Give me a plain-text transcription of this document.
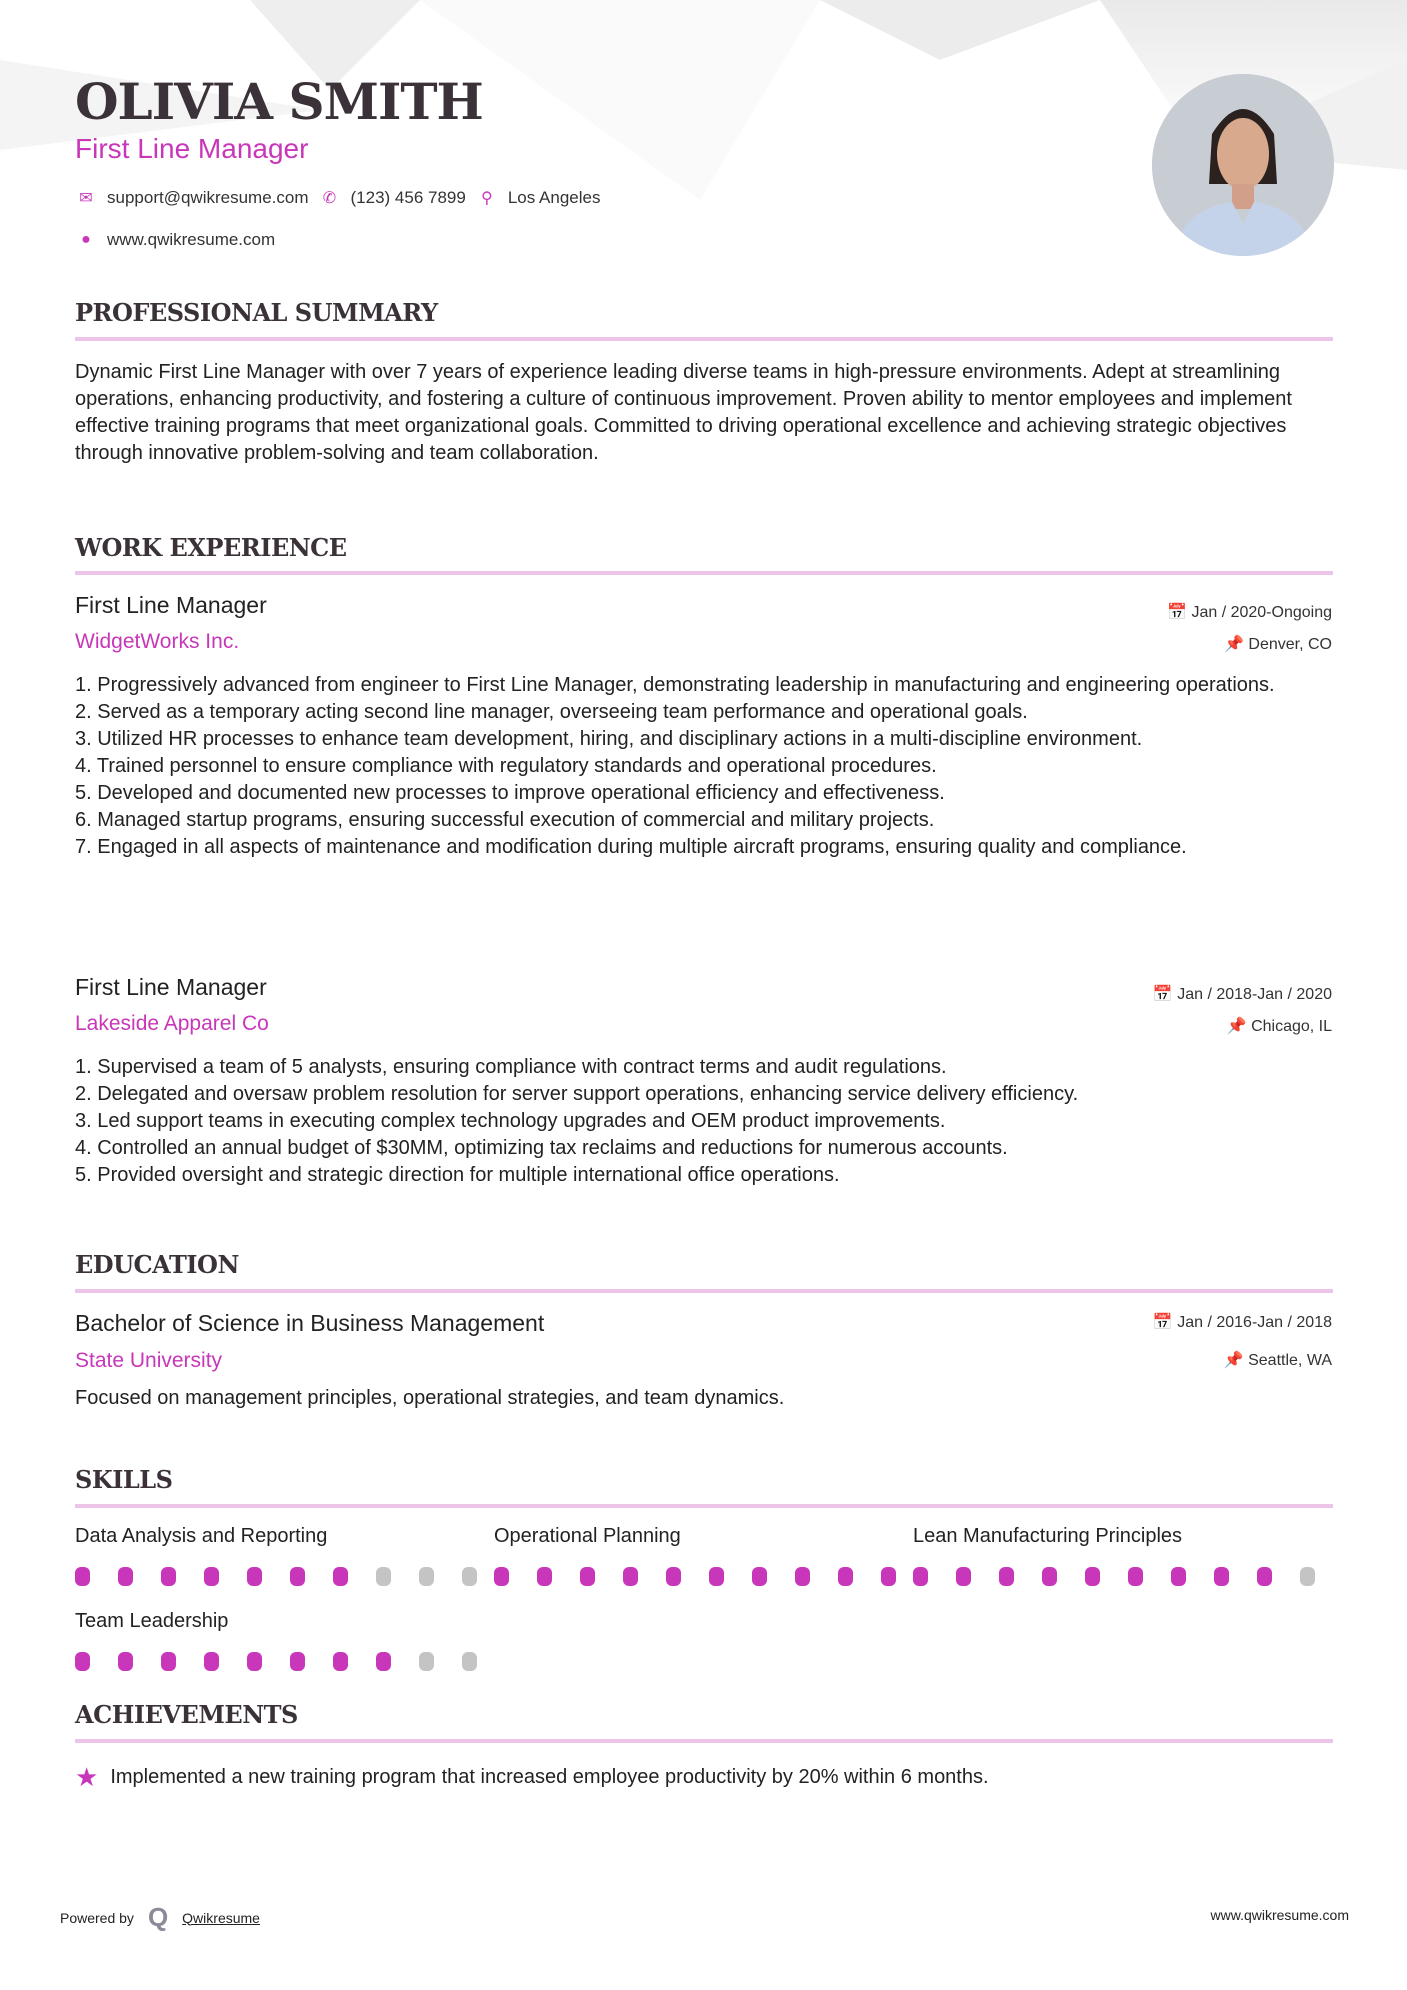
OLIVIA SMITH
First Line Manager
✉ support@qwikresume.com ✆ (123) 456 7899 ⚲ Los Angeles
● www.qwikresume.com
PROFESSIONAL SUMMARY
Dynamic First Line Manager with over 7 years of experience leading diverse teams in high-pressure environments. Adept at streamlining operations, enhancing productivity, and fostering a culture of continuous improvement. Proven ability to mentor employees and implement effective training programs that meet organizational goals. Committed to driving operational excellence and achieving strategic objectives through innovative problem-solving and team collaboration.
WORK EXPERIENCE
First Line Manager
WidgetWorks Inc.
📅 Jan / 2020-Ongoing
📌 Denver, CO
1. Progressively advanced from engineer to First Line Manager, demonstrating leadership in manufacturing and engineering operations.
2. Served as a temporary acting second line manager, overseeing team performance and operational goals.
3. Utilized HR processes to enhance team development, hiring, and disciplinary actions in a multi-discipline environment.
4. Trained personnel to ensure compliance with regulatory standards and operational procedures.
5. Developed and documented new processes to improve operational efficiency and effectiveness.
6. Managed startup programs, ensuring successful execution of commercial and military projects.
7. Engaged in all aspects of maintenance and modification during multiple aircraft programs, ensuring quality and compliance.
First Line Manager
Lakeside Apparel Co
📅 Jan / 2018-Jan / 2020
📌 Chicago, IL
1. Supervised a team of 5 analysts, ensuring compliance with contract terms and audit regulations.
2. Delegated and oversaw problem resolution for server support operations, enhancing service delivery efficiency.
3. Led support teams in executing complex technology upgrades and OEM product improvements.
4. Controlled an annual budget of $30MM, optimizing tax reclaims and reductions for numerous accounts.
5. Provided oversight and strategic direction for multiple international office operations.
EDUCATION
Bachelor of Science in Business Management
State University
📅 Jan / 2016-Jan / 2018
📌 Seattle, WA
Focused on management principles, operational strategies, and team dynamics.
SKILLS
Data Analysis and Reporting	Operational Planning	Lean Manufacturing Principles
Team Leadership
ACHIEVEMENTS
★ Implemented a new training program that increased employee productivity by 20% within 6 months.
Powered by Q Qwikresume	www.qwikresume.com
